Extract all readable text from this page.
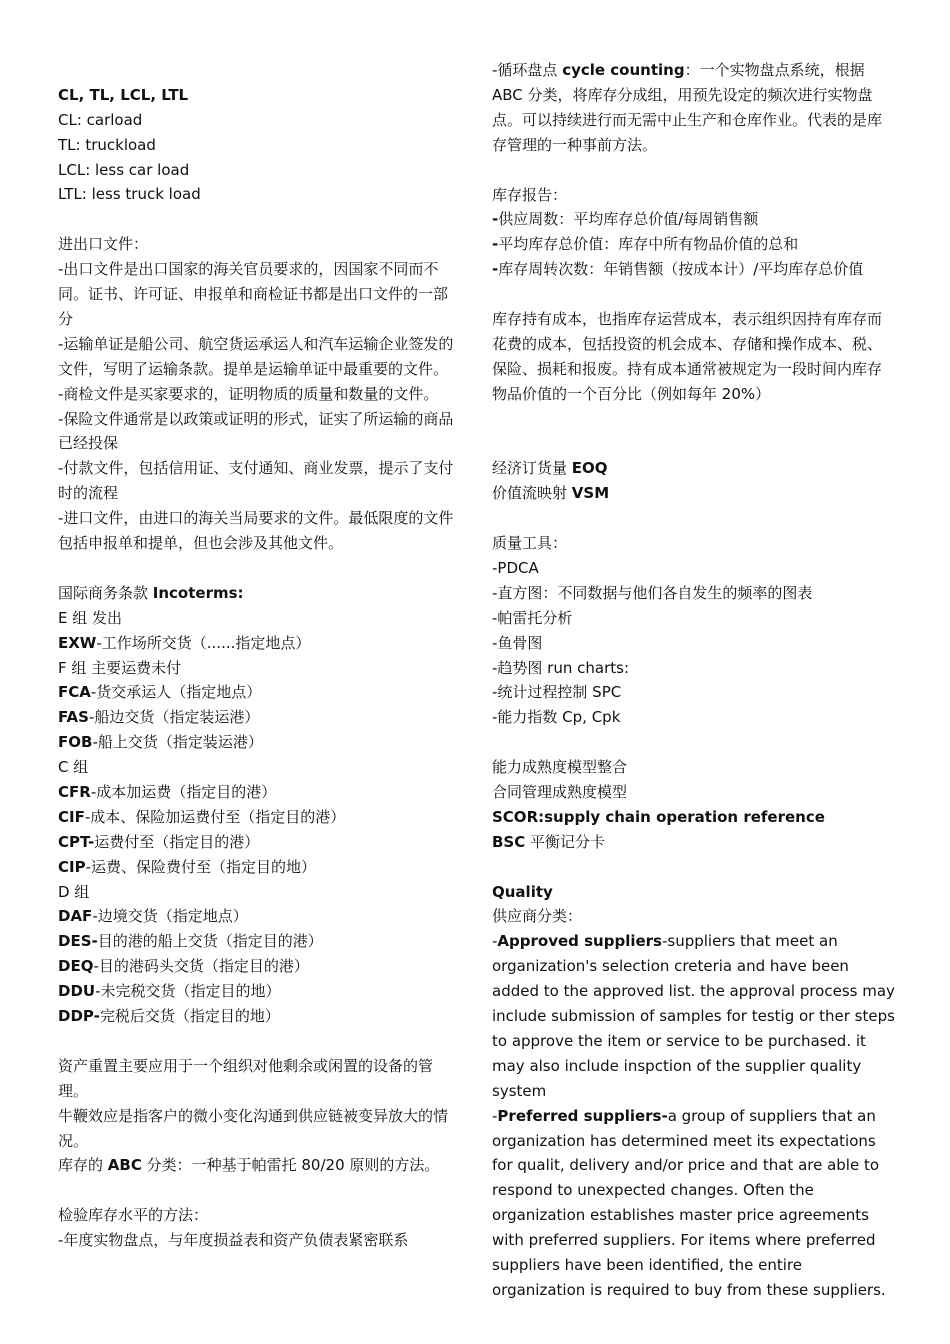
CL, TL, LCL, LTL
CL: carload
TL: truckload
LCL: less car load
LTL: less truck load
进出口文件：
-出口文件是出口国家的海关官员要求的，因国家不同而不同。证书、许可证、申报单和商检证书都是出口文件的一部分
-运输单证是船公司、航空货运承运人和汽车运输企业签发的文件，写明了运输条款。提单是运输单证中最重要的文件。
-商检文件是买家要求的，证明物质的质量和数量的文件。
-保险文件通常是以政策或证明的形式，证实了所运输的商品已经投保
-付款文件，包括信用证、支付通知、商业发票，提示了支付时的流程
-进口文件，由进口的海关当局要求的文件。最低限度的文件包括申报单和提单，但也会涉及其他文件。
国际商务条款 Incoterms:
E 组 发出
EXW-工作场所交货（......指定地点）
F 组 主要运费未付
FCA-货交承运人（指定地点）
FAS-船边交货（指定装运港）
FOB-船上交货（指定装运港）
C 组
CFR-成本加运费（指定目的港）
CIF-成本、保险加运费付至（指定目的港）
CPT-运费付至（指定目的港）
CIP-运费、保险费付至（指定目的地）
D 组
DAF-边境交货（指定地点）
DES-目的港的船上交货（指定目的港）
DEQ-目的港码头交货（指定目的港）
DDU-未完税交货（指定目的地）
DDP-完税后交货（指定目的地）
资产重置主要应用于一个组织对他剩余或闲置的设备的管理。
牛鞭效应是指客户的微小变化沟通到供应链被变异放大的情况。
库存的 ABC 分类：一种基于帕雷托 80/20 原则的方法。
检验库存水平的方法：
-年度实物盘点，与年度损益表和资产负债表紧密联系
-循环盘点 cycle counting：一个实物盘点系统，根据 ABC 分类，将库存分成组，用预先设定的频次进行实物盘点。可以持续进行而无需中止生产和仓库作业。代表的是库存管理的一种事前方法。
库存报告：
-供应周数：平均库存总价值/每周销售额
-平均库存总价值：库存中所有物品价值的总和
-库存周转次数：年销售额（按成本计）/平均库存总价值
库存持有成本，也指库存运营成本，表示组织因持有库存而花费的成本，包括投资的机会成本、存储和操作成本、税、保险、损耗和报废。持有成本通常被规定为一段时间内库存物品价值的一个百分比（例如每年 20%）
经济订货量 EOQ
价值流映射 VSM
质量工具：
-PDCA
-直方图：不同数据与他们各自发生的频率的图表
-帕雷托分析
-鱼骨图
-趋势图 run charts:
-统计过程控制 SPC
-能力指数 Cp, Cpk
能力成熟度模型整合
合同管理成熟度模型
SCOR:supply chain operation reference
BSC 平衡记分卡
Quality
供应商分类：
-Approved suppliers-suppliers that meet an organization's selection creteria and have been added to the approved list. the approval process may include submission of samples for testig or ther steps to approve the item or service to be purchased. it may also include inspction of the supplier quality system
-Preferred suppliers-a group of suppliers that an organization has determined meet its expectations for qualit, delivery and/or price and that are able to respond to unexpected changes. Often the organization establishes master price agreements with preferred suppliers. For items where preferred suppliers have been identified, the entire organization is required to buy from these suppliers.
